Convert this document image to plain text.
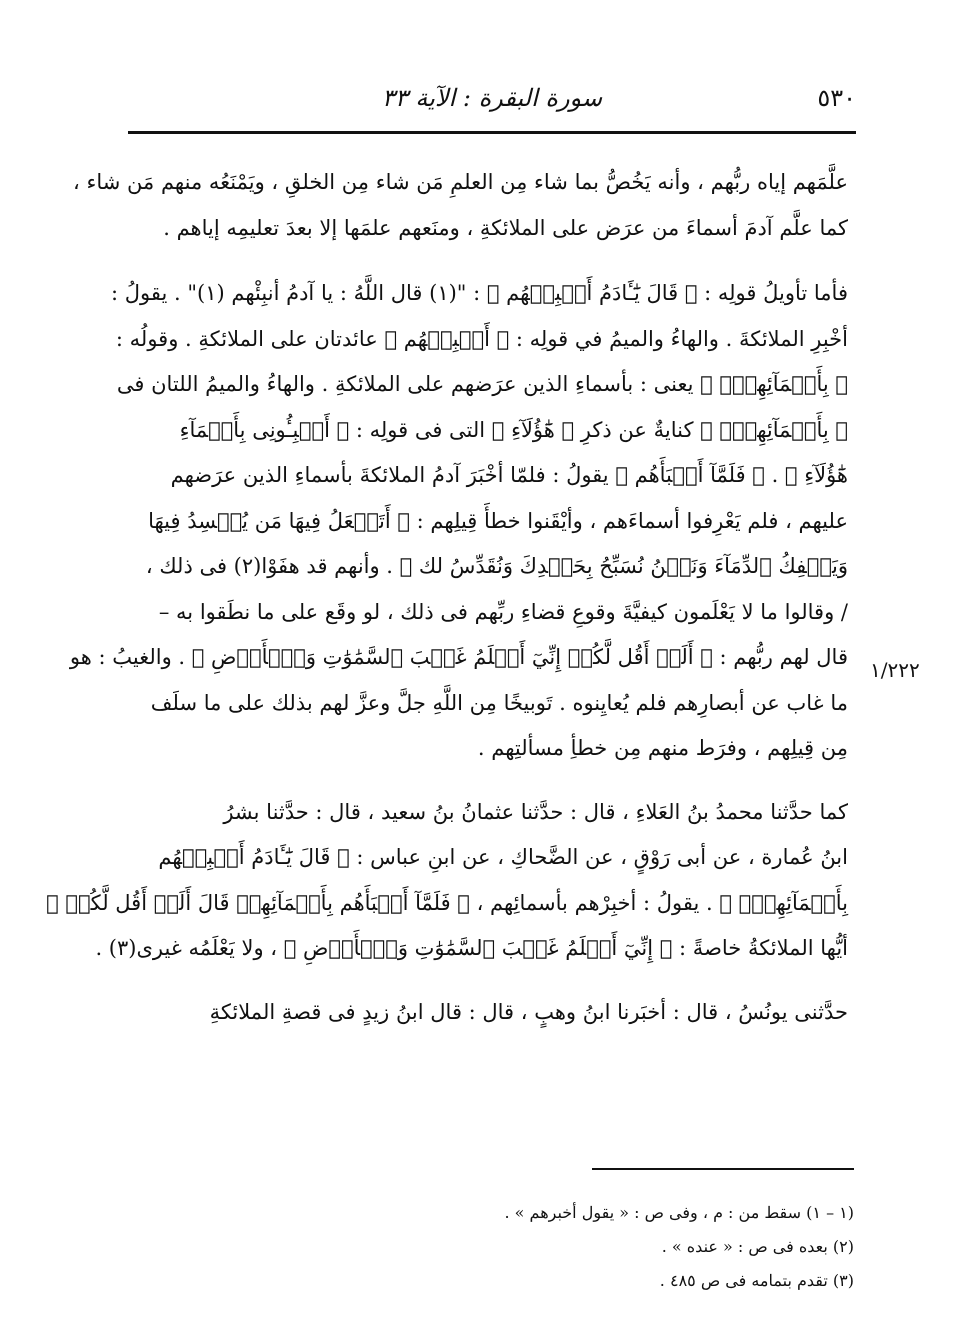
٥٣٠
سورة البقرة : الآية ٣٣
١/٢٢٢
علَّمَهم إياه ربُّهم ، وأنه يَخُصُّ بما شاء مِن العلمِ مَن شاء مِن الخلقِ ، ويَمْنَعُه منهم مَن شاء ،
كما علَّم آدمَ أسماءَ من عرَض على الملائكةِ ، ومنَعهم علمَها إلا بعدَ تعليمِه إياهم .
فأما تأويلُ قولِه : ﴿ قَالَ يَٰٓـَٔادَمُ أَنۢبِئۡهُم ﴾ : "(١) قال اللَّهُ : يا آدمُ أنبِئْهم (١)" . يقولُ :
أخْبِرِ الملائكةَ . والهاءُ والميمُ في قولِه : ﴿ أَنۢبِئۡهُم ﴾ عائدتان على الملائكةِ . وقولُه :
﴿ بِأَسۡمَآئِهِمۡۖ ﴾ يعنى : بأسماءِ الذين عرَضهم على الملائكةِ . والهاءُ والميمُ اللتان فى
﴿ بِأَسۡمَآئِهِمۡۖ ﴾ كنايةٌ عن ذكرِ ﴿ هَٰٓؤُلَآءِ ﴾ التى فى قولِه : ﴿ أَنۢبِـُٔونِى بِأَسۡمَآءِ
هَٰٓؤُلَآءِ ﴾ . ﴿ فَلَمَّآ أَنۢبَأَهُم ﴾ يقولُ : فلمّا أخْبَرَ آدمُ الملائكةَ بأسماءِ الذين عرَضهم
عليهم ، فلم يَعْرِفوا أسماءَهم ، وأيْقَنوا خطأَ قِيلِهم : ﴿ أَتَجۡعَلُ فِيهَا مَن يُفۡسِدُ فِيهَا
وَيَسۡفِكُ ٱلدِّمَآءَ وَنَحۡنُ نُسَبِّحُ بِحَمۡدِكَ وَنُقَدِّسُ لك ﴾ . وأنهم قد هفَوْا(٢) فى ذلك ،
/ وقالوا ما لا يَعْلَمون كيفيَّةَ وقوعِ قضاءِ ربِّهم فى ذلك ، لو وقَع على ما نطَقوا به –
قال لهم ربُّهم : ﴿ أَلَمۡ أَقُل لَّكُمۡ إِنِّيٓ أَعۡلَمُ غَيۡبَ ٱلسَّمَٰوَٰتِ وَٱلۡأَرۡضِ ﴾ . والغيبُ : هو
ما غاب عن أبصارِهم فلم يُعايِنوه . تَوبيخًا مِن اللَّهِ جلَّ وعزَّ لهم بذلك على ما سلَف
مِن قِيلِهم ، وفرَط منهم مِن خطأِ مسألتِهم .
كما حدَّثنا محمدُ بنُ العَلاءِ ، قال : حدَّثنا عثمانُ بنُ سعيد ، قال : حدَّثنا بشرُ
ابنُ عُمارة ، عن أبى رَوْقٍ ، عن الضَّحاكِ ، عن ابنِ عباس : ﴿ قَالَ يَٰٓـَٔادَمُ أَنۢبِئۡهُم
بِأَسۡمَآئِهِمۡۖ ﴾ . يقولُ : أخبِرْهم بأسمائِهم ، ﴿ فَلَمَّآ أَنۢبَأَهُم بِأَسۡمَآئِهِمۡ قَالَ أَلَمۡ أَقُل لَّكُمۡ ﴾
أيُّها الملائكةُ خاصةً : ﴿ إِنِّيٓ أَعۡلَمُ غَيۡبَ ٱلسَّمَٰوَٰتِ وَٱلۡأَرۡضِ ﴾ ، ولا يَعْلَمُه غيرى(٣) .
حدَّثنى يونُسُ ، قال : أخبَرنا ابنُ وهبٍ ، قال : قال ابنُ زيدٍ فى قصةِ الملائكةِ
(١ – ١) سقط من : م ، وفى ص : « يقول أخبرهم » .
(٢) بعده فى ص : « عنده » .
(٣) تقدم بتمامه فى ص ٤٨٥ .
